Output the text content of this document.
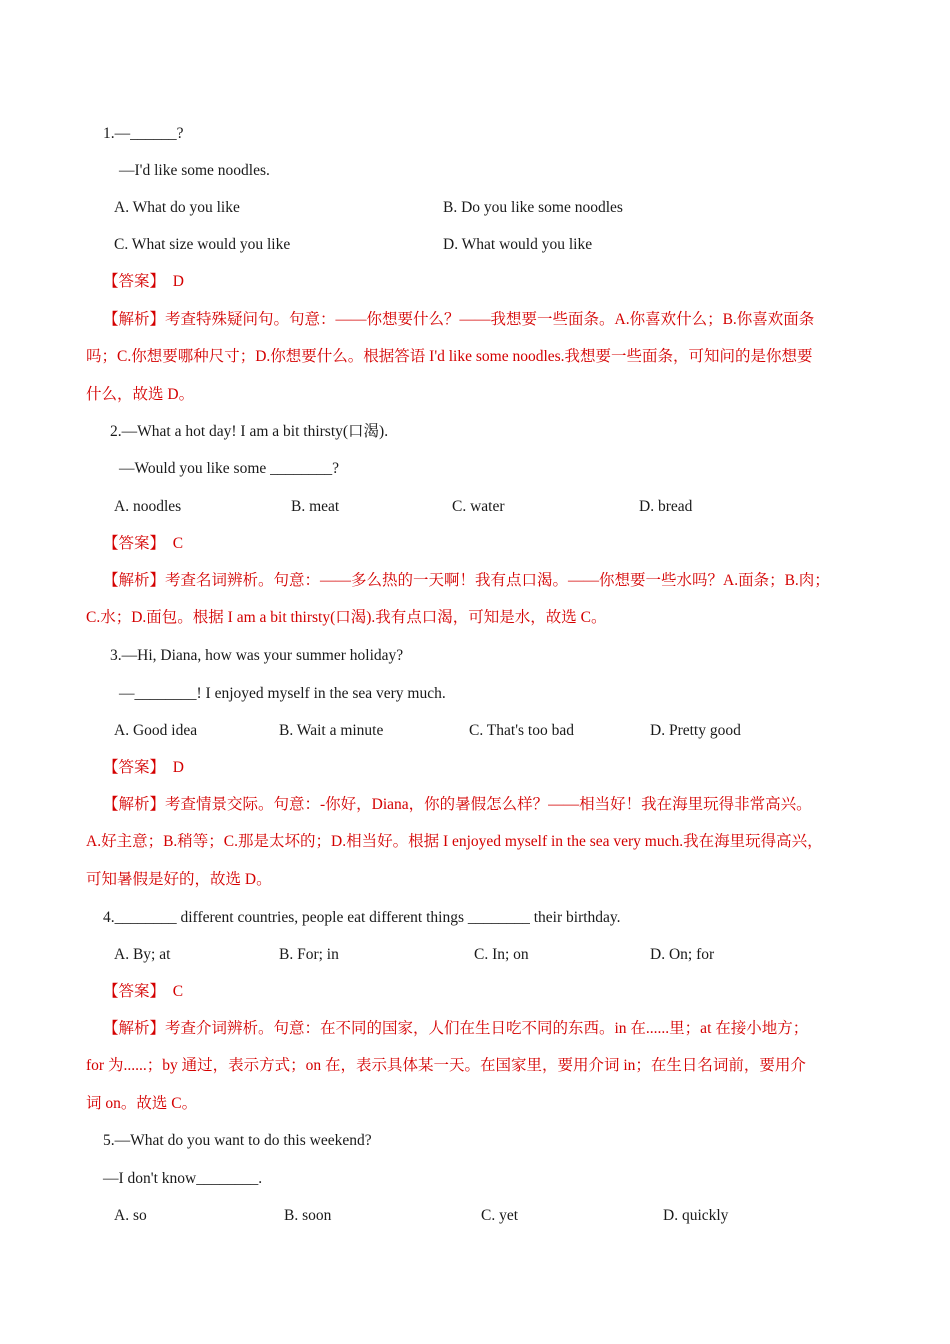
1.—______?
—I'd like some noodles.
A. What do you like	B. Do you like some noodles
C. What size would you like	D. What would you like
【答案】 D
【解析】考查特殊疑问句。句意：——你想要什么？——我想要一些面条。A.你喜欢什么；B.你喜欢面条
吗；C.你想要哪种尺寸；D.你想要什么。根据答语 I'd like some noodles.我想要一些面条，可知问的是你想要
什么，故选 D。
2.—What a hot day! I am a bit thirsty(口渴).
—Would you like some ________?
A. noodles	B. meat	C. water	D. bread
【答案】 C
【解析】考查名词辨析。句意：——多么热的一天啊！我有点口渴。——你想要一些水吗？A.面条；B.肉；
C.水；D.面包。根据 I am a bit thirsty(口渴).我有点口渴，可知是水，故选 C。
3.—Hi, Diana, how was your summer holiday?
—________! I enjoyed myself in the sea very much.
A. Good idea	B. Wait a minute	C. That's too bad	D. Pretty good
【答案】 D
【解析】考查情景交际。句意：-你好，Diana，你的暑假怎么样？——相当好！我在海里玩得非常高兴。
A.好主意；B.稍等；C.那是太坏的；D.相当好。根据 I enjoyed myself in the sea very much.我在海里玩得高兴，
可知暑假是好的，故选 D。
4.________ different countries, people eat different things ________ their birthday.
A. By; at	B. For; in	C. In; on	D. On; for
【答案】 C
【解析】考查介词辨析。句意：在不同的国家，人们在生日吃不同的东西。in 在......里；at 在接小地方；
for 为......；by 通过，表示方式；on 在，表示具体某一天。在国家里，要用介词 in；在生日名词前，要用介
词 on。故选 C。
5.—What do you want to do this weekend?
—I don't know________.
A. so	B. soon	C. yet	D. quickly
